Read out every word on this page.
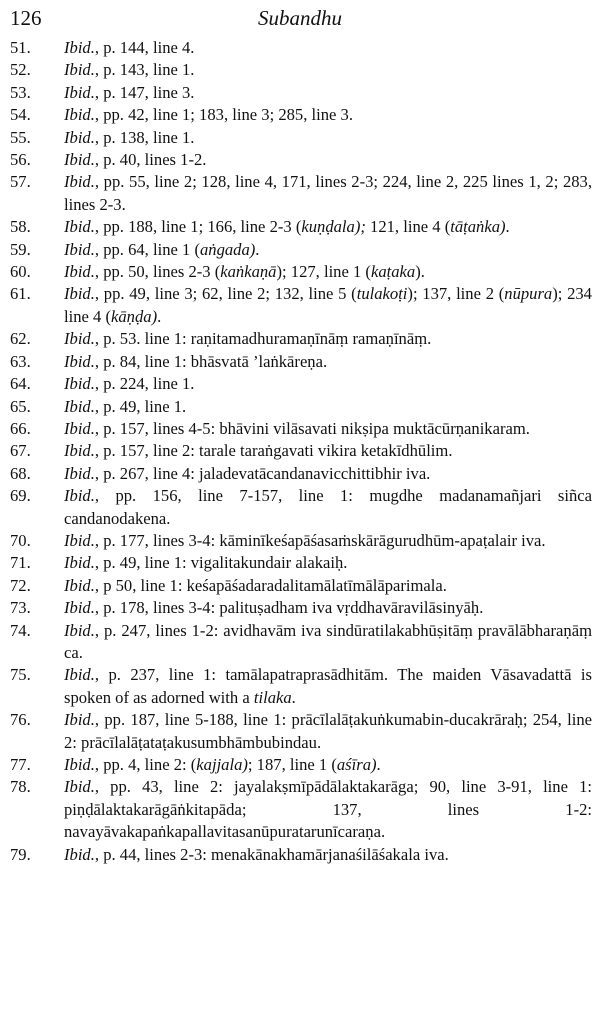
126	Subandhu
51. Ibid., p. 144, line 4.
52. Ibid., p. 143, line 1.
53. Ibid., p. 147, line 3.
54. Ibid., pp. 42, line 1; 183, line 3; 285, line 3.
55. Ibid., p. 138, line 1.
56. Ibid., p. 40, lines 1-2.
57. Ibid., pp. 55, line 2; 128, line 4, 171, lines 2-3; 224, line 2, 225 lines 1, 2; 283, lines 2-3.
58. Ibid., pp. 188, line 1; 166, line 2-3 (kuṇḍala); 121, line 4 (tāṭaṅka).
59. Ibid., pp. 64, line 1 (aṅgada).
60. Ibid., pp. 50, lines 2-3 (kaṅkaṇā); 127, line 1 (kaṭaka).
61. Ibid., pp. 49, line 3; 62, line 2; 132, line 5 (tulakoṭi); 137, line 2 (nūpura); 234 line 4 (kāṇḍa).
62. Ibid., p. 53. line 1: raṇitamadhuramaṇīnāṃ ramaṇīnāṃ.
63. Ibid., p. 84, line 1: bhāsvatā ’laṅkāreṇa.
64. Ibid., p. 224, line 1.
65. Ibid., p. 49, line 1.
66. Ibid., p. 157, lines 4-5: bhāvini vilāsavati nikṣipa muktācūrṇanikaram.
67. Ibid., p. 157, line 2: tarale taraṅgavati vikira ketakīdhūlim.
68. Ibid., p. 267, line 4: jaladevatācandanavicchittibhir iva.
69. Ibid., pp. 156, line 7-157, line 1: mugdhe madanamañjari siñca candanodakena.
70. Ibid., p. 177, lines 3-4: kāminīkeśapāśasaṁskārāgurudhūm-apaṭalair iva.
71. Ibid., p. 49, line 1: vigalitakundair alakaiḥ.
72. Ibid., p 50, line 1: keśapāśadaradalitamālatīmālāparimala.
73. Ibid., p. 178, lines 3-4: palituṣadham iva vṛddhavāravilāsinyāḥ.
74. Ibid., p. 247, lines 1-2: avidhavām iva sindūratilakabhūṣitāṃ pravālābharaṇāṃ ca.
75. Ibid., p. 237, line 1: tamālapatraprasādhitām. The maiden Vāsavadattā is spoken of as adorned with a tilaka.
76. Ibid., pp. 187, line 5-188, line 1: prācīlalāṭakuṅkumabin-ducakrāraḥ; 254, line 2: prācīlalāṭataṭakusumbhāmbubindau.
77. Ibid., pp. 4, line 2: (kajjala); 187, line 1 (aśīra).
78. Ibid., pp. 43, line 2: jayalakṣmīpādālaktakarāga; 90, line 3-91, line 1: piṇḍālaktakarāgāṅkitapāda; 137, lines 1-2: navayāvakapaṅkapallavitasanūpuratarunīcaraṇa.
79. Ibid., p. 44, lines 2-3: menakānakhamārjanaśilāśakala iva.
